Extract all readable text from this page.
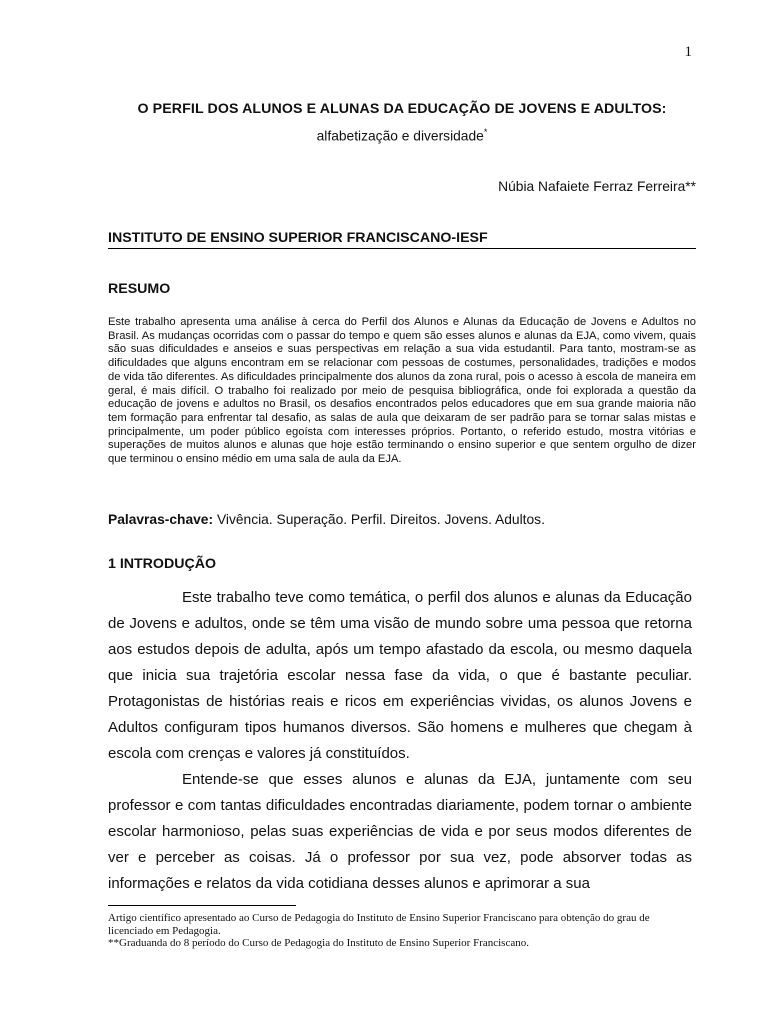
1
O PERFIL DOS ALUNOS E ALUNAS DA EDUCAÇÃO DE JOVENS E ADULTOS:
alfabetização e diversidade*
Núbia Nafaiete Ferraz Ferreira**
INSTITUTO DE ENSINO SUPERIOR FRANCISCANO-IESF
RESUMO

Este trabalho apresenta uma análise à cerca do Perfil dos Alunos e Alunas da Educação de Jovens e Adultos no Brasil. As mudanças ocorridas com o passar do tempo e quem são esses alunos e alunas da EJA, como vivem, quais são suas dificuldades e anseios e suas perspectivas em relação a sua vida estudantil. Para tanto, mostram-se as dificuldades que alguns encontram em se relacionar com pessoas de costumes, personalidades, tradições e modos de vida tão diferentes. As dificuldades principalmente dos alunos da zona rural, pois o acesso à escola de maneira em geral, é mais difícil. O trabalho foi realizado por meio de pesquisa bibliográfica, onde foi explorada a questão da educação de jovens e adultos no Brasil, os desafios encontrados pelos educadores que em sua grande maioria não tem formação para enfrentar tal desafio, as salas de aula que deixaram de ser padrão para se tornar salas mistas e principalmente, um poder público egoísta com interesses próprios. Portanto, o referido estudo, mostra vitórias e superações de muitos alunos e alunas que hoje estão terminando o ensino superior e que sentem orgulho de dizer que terminou o ensino médio em uma sala de aula da EJA.

Palavras-chave: Vivência. Superação. Perfil. Direitos. Jovens. Adultos.
1 INTRODUÇÃO

Este trabalho teve como temática, o perfil dos alunos e alunas da Educação de Jovens e adultos, onde se têm uma visão de mundo sobre uma pessoa que retorna aos estudos depois de adulta, após um tempo afastado da escola, ou mesmo daquela que inicia sua trajetória escolar nessa fase da vida, o que é bastante peculiar. Protagonistas de histórias reais e ricos em experiências vividas, os alunos Jovens e Adultos configuram tipos humanos diversos. São homens e mulheres que chegam à escola com crenças e valores já constituídos.

Entende-se que esses alunos e alunas da EJA, juntamente com seu professor e com tantas dificuldades encontradas diariamente, podem tornar o ambiente escolar harmonioso, pelas suas experiências de vida e por seus modos diferentes de ver e perceber as coisas. Já o professor por sua vez, pode absorver todas as informações e relatos da vida cotidiana desses alunos e aprimorar a sua

Artigo científico apresentado ao Curso de Pedagogia do Instituto de Ensino Superior Franciscano para obtenção do grau de licenciado em Pedagogia.

**Graduanda do 8 período do Curso de Pedagogia do Instituto de Ensino Superior Franciscano.
